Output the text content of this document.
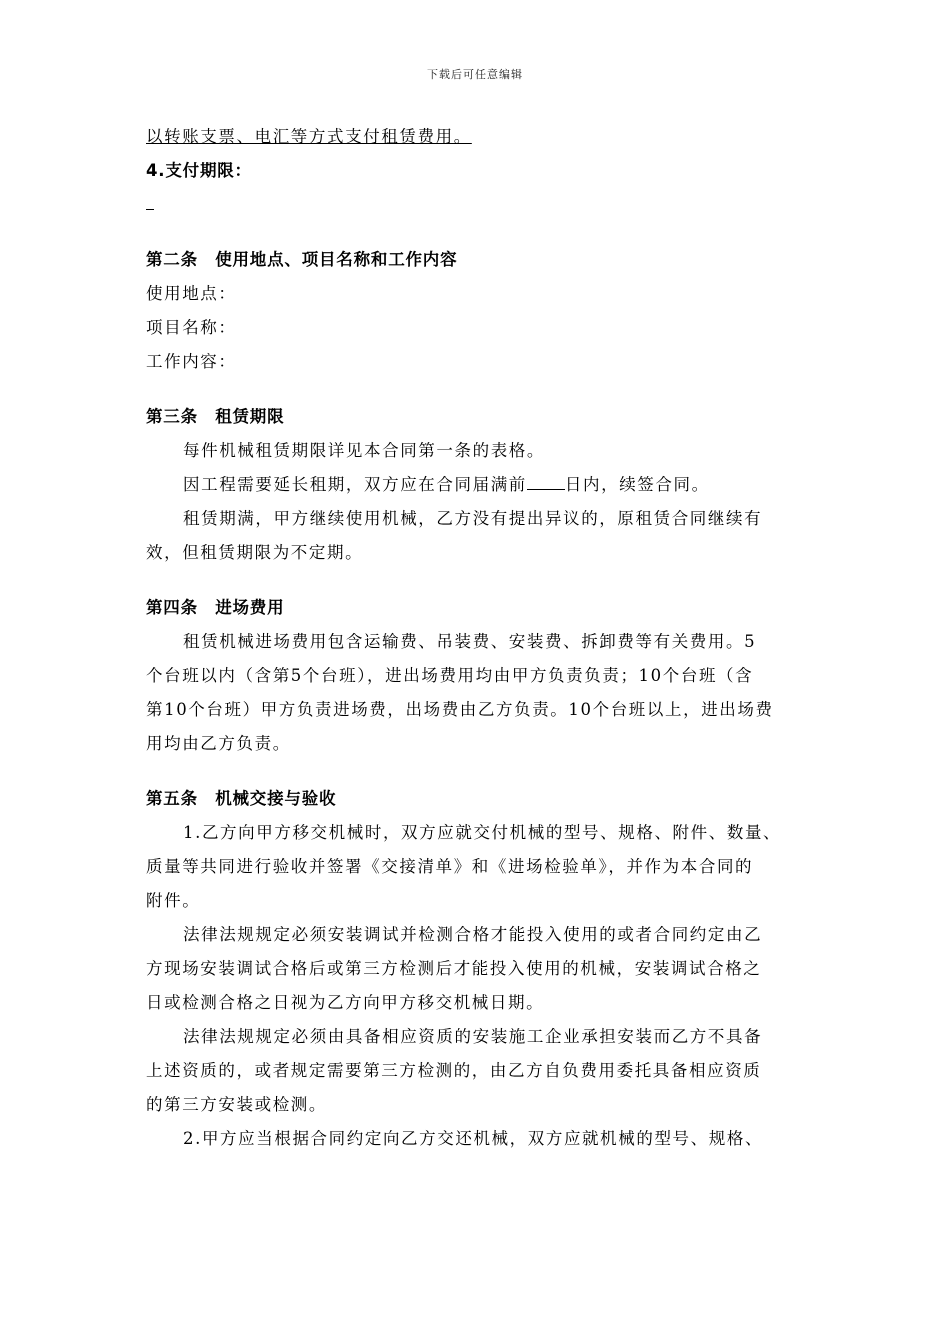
下载后可任意编辑
以转账支票、电汇等方式支付租赁费用。
4.支付期限：
第二条　使用地点、项目名称和工作内容
使用地点：
项目名称：
工作内容：
第三条　租赁期限
每件机械租赁期限详见本合同第一条的表格。
因工程需要延长租期，双方应在合同届满前 日内，续签合同。
租赁期满，甲方继续使用机械，乙方没有提出异议的，原租赁合同继续有
效，但租赁期限为不定期。
第四条　进场费用
租赁机械进场费用包含运输费、吊装费、安装费、拆卸费等有关费用。5
个台班以内（含第5个台班），进出场费用均由甲方负责负责；10个台班（含
第10个台班）甲方负责进场费，出场费由乙方负责。10个台班以上，进出场费
用均由乙方负责。
第五条　机械交接与验收
1.乙方向甲方移交机械时，双方应就交付机械的型号、规格、附件、数量、
质量等共同进行验收并签署《交接清单》和《进场检验单》，并作为本合同的
附件。
法律法规规定必须安装调试并检测合格才能投入使用的或者合同约定由乙
方现场安装调试合格后或第三方检测后才能投入使用的机械，安装调试合格之
日或检测合格之日视为乙方向甲方移交机械日期。
法律法规规定必须由具备相应资质的安装施工企业承担安装而乙方不具备
上述资质的，或者规定需要第三方检测的，由乙方自负费用委托具备相应资质
的第三方安装或检测。
2.甲方应当根据合同约定向乙方交还机械，双方应就机械的型号、规格、
